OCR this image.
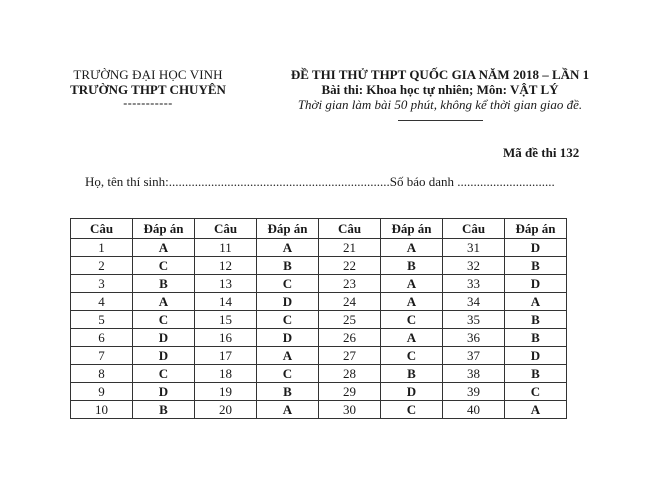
TRƯỜNG ĐẠI HỌC VINH
TRƯỜNG THPT CHUYÊN
-----------
ĐỀ THI THỬ THPT QUỐC GIA NĂM 2018 – LẦN 1
Bài thi: Khoa học tự nhiên; Môn: VẬT LÝ
Thời gian làm bài 50 phút, không kể thời gian giao đề.
Mã đề thi 132
Họ, tên thí sinh:....................................................................Số báo danh ..............................
Câu	Đáp án	Câu	Đáp án	Câu	Đáp án	Câu	Đáp án
1	A	11	A	21	A	31	D
2	C	12	B	22	B	32	B
3	B	13	C	23	A	33	D
4	A	14	D	24	A	34	A
5	C	15	C	25	C	35	B
6	D	16	D	26	A	36	B
7	D	17	A	27	C	37	D
8	C	18	C	28	B	38	B
9	D	19	B	29	D	39	C
10	B	20	A	30	C	40	A
